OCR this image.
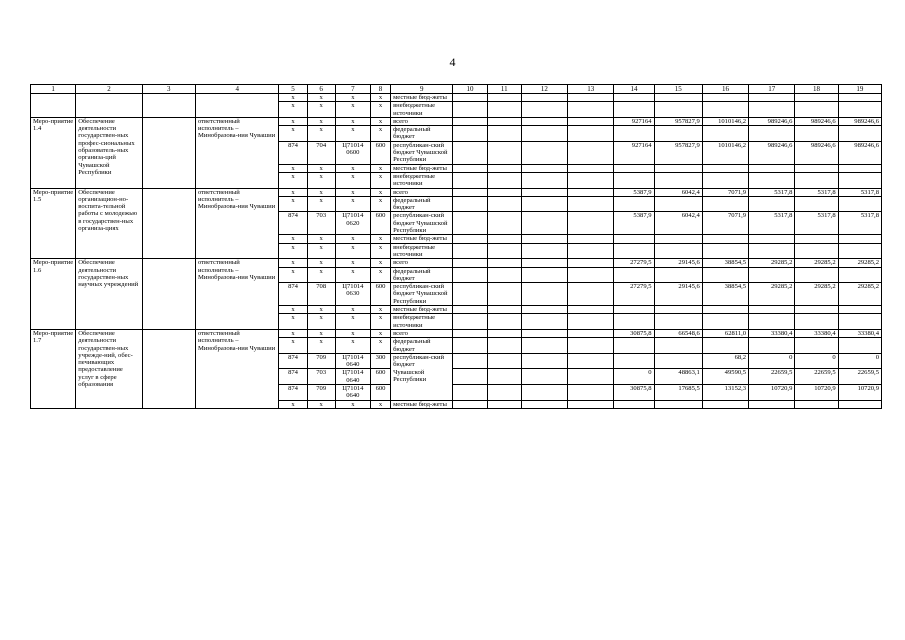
4
1	2	3	4	5	6	7	8	9	10	11	12	13	14	15	16	17	18	19
				х	х	х	х	местные бюд-жеты										
				х	х	х	х	внебюджетные источники										
Меро-приятие 1.4	Обеспечение деятельности государствен-ных профес-сиональных образователь-ных организа-ций Чувашской Республики		ответственный исполнитель – Минобразова-ния Чувашии	х	х	х	х	всего					927164	957827,9	1010146,2	989246,6	989246,6	989246,6
				х	х	х	х	федеральный бюджет										
				874	704	Ц71014 0600	600	республикан-ский бюджет Чувашской Республики					927164	957827,9	1010146,2	989246,6	989246,6	989246,6
				х	х	х	х	местные бюд-жеты										
				х	х	х	х	внебюджетные источники										
Меро-приятие 1.5	Обеспечение организацион-но-воспита-тельной работы с молодежью в государствен-ных организа-циях		ответственный исполнитель – Минобразова-ния Чувашии	х	х	х	х	всего					5387,9	6042,4	7071,9	5317,8	5317,8	5317,8
				х	х	х	х	федеральный бюджет										
				874	703	Ц71014 0620	600	республикан-ский бюджет Чувашской Республики					5387,9	6042,4	7071,9	5317,8	5317,8	5317,8
				х	х	х	х	местные бюд-жеты										
				х	х	х	х	внебюджетные источники										
Меро-приятие 1.6	Обеспечение деятельности государствен-ных научных учреждений		ответственный исполнитель – Минобразова-ния Чувашии	х	х	х	х	всего					27279,5	29145,6	38854,5	29285,2	29285,2	29285,2
				х	х	х	х	федеральный бюджет										
				874	708	Ц71014 0630	600	республикан-ский бюджет Чувашской Республики					27279,5	29145,6	38854,5	29285,2	29285,2	29285,2
				х	х	х	х	местные бюд-жеты										
				х	х	х	х	внебюджетные источники										
Меро-приятие 1.7	Обеспечение деятельности государствен-ных учрежде-ний, обес-печивающих предоставление услуг в сфере образования		ответственный исполнитель – Минобразова-ния Чувашии	х	х	х	х	всего					30875,8	66548,6	62811,0	33380,4	33380,4	33380,4
				х	х	х	х	федеральный бюджет										
				874	709	Ц71014 0640	300	республикан-ский бюджет							68,2	0	0	0
				874	703	Ц71014 0640	600	Чувашской Республики					0	48863,1	49590,5	22659,5	22659,5	22659,5
				874	709	Ц71014 0640	600						30875,8	17685,5	13152,3	10720,9	10720,9	10720,9
				х	х	х	х	местные бюд-жеты										
